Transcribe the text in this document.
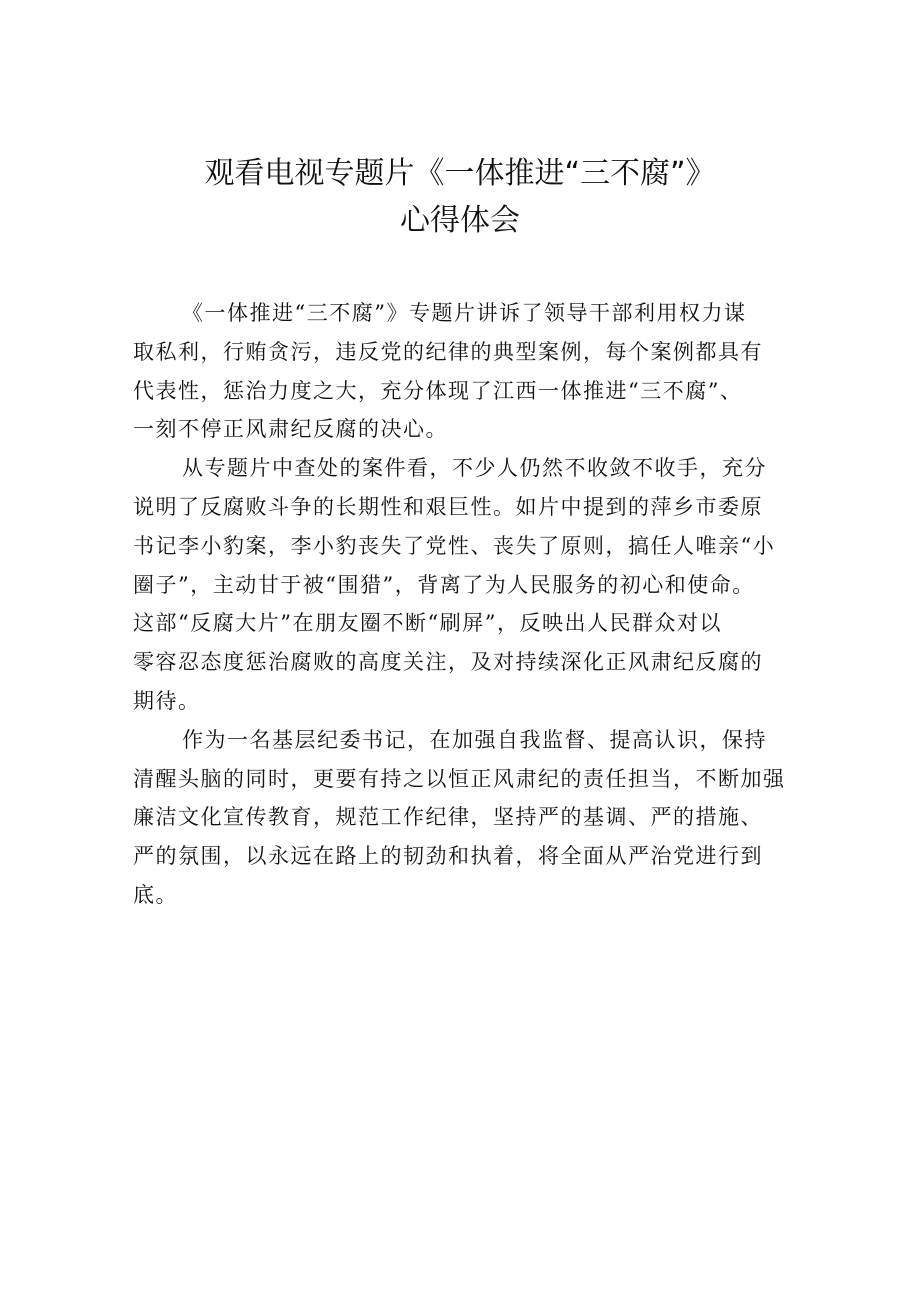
观看电视专题片《一体推进“三不腐”》
心得体会
《一体推进“三不腐”》专题片讲诉了领导干部利用权力谋
取私利，行贿贪污，违反党的纪律的典型案例，每个案例都具有
代表性，惩治力度之大，充分体现了江西一体推进“三不腐”、
一刻不停正风肃纪反腐的决心。
从专题片中查处的案件看，不少人仍然不收敛不收手，充分
说明了反腐败斗争的长期性和艰巨性。如片中提到的萍乡市委原
书记李小豹案，李小豹丧失了党性、丧失了原则，搞任人唯亲“小
圈子”，主动甘于被“围猎”，背离了为人民服务的初心和使命。
这部“反腐大片”在朋友圈不断“刷屏”，反映出人民群众对以
零容忍态度惩治腐败的高度关注，及对持续深化正风肃纪反腐的
期待。
作为一名基层纪委书记，在加强自我监督、提高认识，保持
清醒头脑的同时，更要有持之以恒正风肃纪的责任担当，不断加强
廉洁文化宣传教育，规范工作纪律，坚持严的基调、严的措施、
严的氛围，以永远在路上的韧劲和执着，将全面从严治党进行到
底。
